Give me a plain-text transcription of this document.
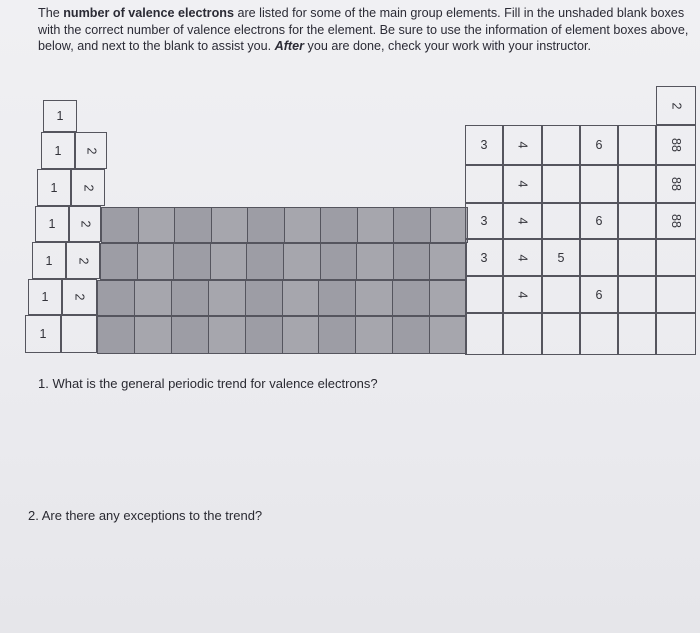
The number of valence electrons are listed for some of the main group elements. Fill in the unshaded blank boxes with the correct number of valence electrons for the element. Be sure to use the information of element boxes above, below, and next to the blank to assist you. After you are done, check your work with your instructor.
1
1
1
1
1
1
1
2
2
2
2
2
3
3
3
4
4
4
4
4
5
6
6
6
88
88
88
2
1. What is the general periodic trend for valence electrons?
2. Are there any exceptions to the trend?
